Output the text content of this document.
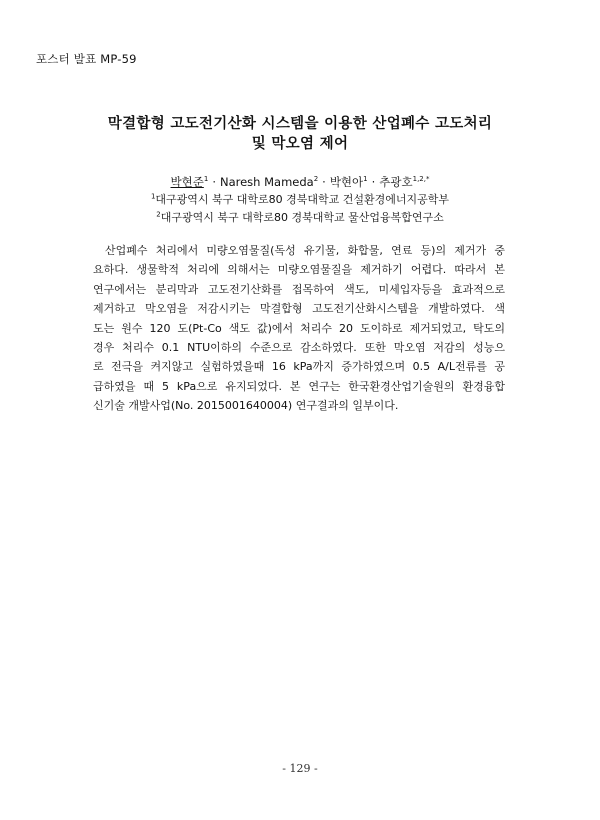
포스터 발표 MP-59
막결합형 고도전기산화 시스템을 이용한 산업폐수 고도처리
및 막오염 제어
박현준$^1$ · Naresh Mameda$^2$ · 박현아$^1$ · 추광호$^{1,2,*}$
$^1$대구광역시 북구 대학로80 경북대학교 건설환경에너지공학부
$^2$대구광역시 북구 대학로80 경북대학교 물산업융복합연구소
산업폐수 처리에서 미량오염물질(독성 유기물, 화합물, 연료 등)의 제거가 중
요하다. 생물학적 처리에 의해서는 미량오염물질을 제거하기 어렵다. 따라서 본
연구에서는 분리막과 고도전기산화를 접목하여 색도, 미세입자등을 효과적으로
제거하고 막오염을 저감시키는 막결합형 고도전기산화시스템을 개발하였다. 색
도는 원수 120 도(Pt-Co 색도 값)에서 처리수 20 도이하로 제거되었고, 탁도의
경우 처리수 0.1 NTU이하의 수준으로 감소하였다. 또한 막오염 저감의 성능으
로 전극을 켜지않고 실험하였을때 16 kPa까지 증가하였으며 0.5 A/L전류를 공
급하였을 때 5 kPa으로 유지되었다. 본 연구는 한국환경산업기술원의 환경융합
신기술 개발사업(No. 2015001640004) 연구결과의 일부이다.
- 129 -
